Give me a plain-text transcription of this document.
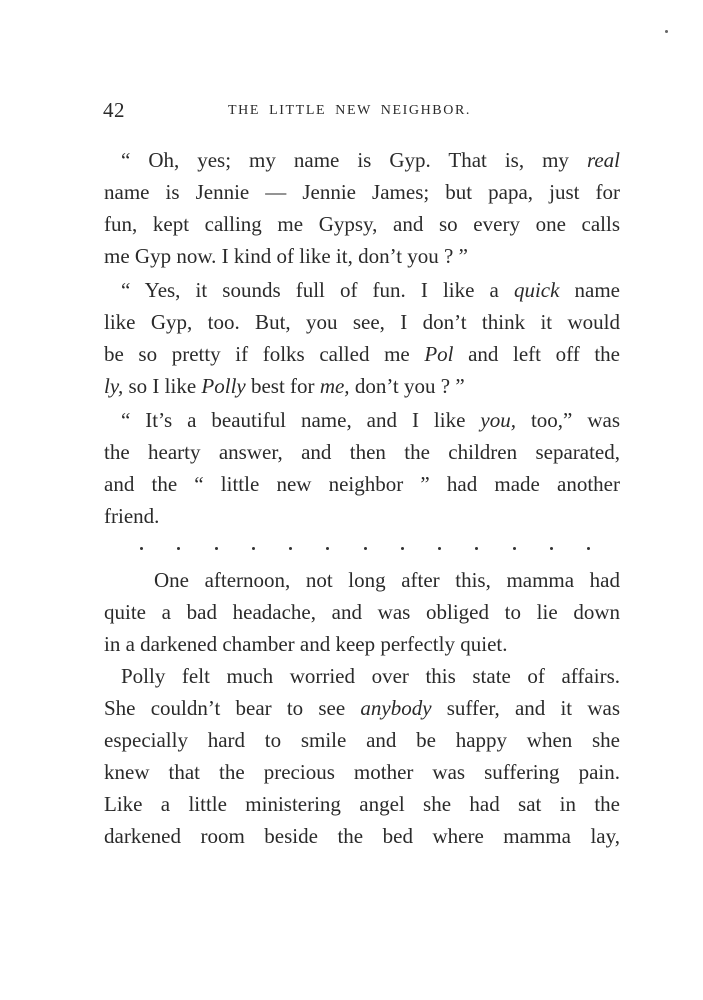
42	THE LITTLE NEW NEIGHBOR.
“ Oh, yes; my name is Gyp. That is, my real
name is Jennie — Jennie James; but papa, just for
fun, kept calling me Gypsy, and so every one calls
me Gyp now. I kind of like it, don’t you ? ”
“ Yes, it sounds full of fun. I like a quick name
like Gyp, too. But, you see, I don’t think it would
be so pretty if folks called me Pol and left off the
ly, so I like Polly best for me, don’t you ? ”
“ It’s a beautiful name, and I like you, too,” was
the hearty answer, and then the children separated,
and the “ little new neighbor ” had made another
friend.
One afternoon, not long after this, mamma had
quite a bad headache, and was obliged to lie down
in a darkened chamber and keep perfectly quiet.
Polly felt much worried over this state of affairs.
She couldn’t bear to see anybody suffer, and it was
especially hard to smile and be happy when she
knew that the precious mother was suffering pain.
Like a little ministering angel she had sat in the
darkened room beside the bed where mamma lay,
